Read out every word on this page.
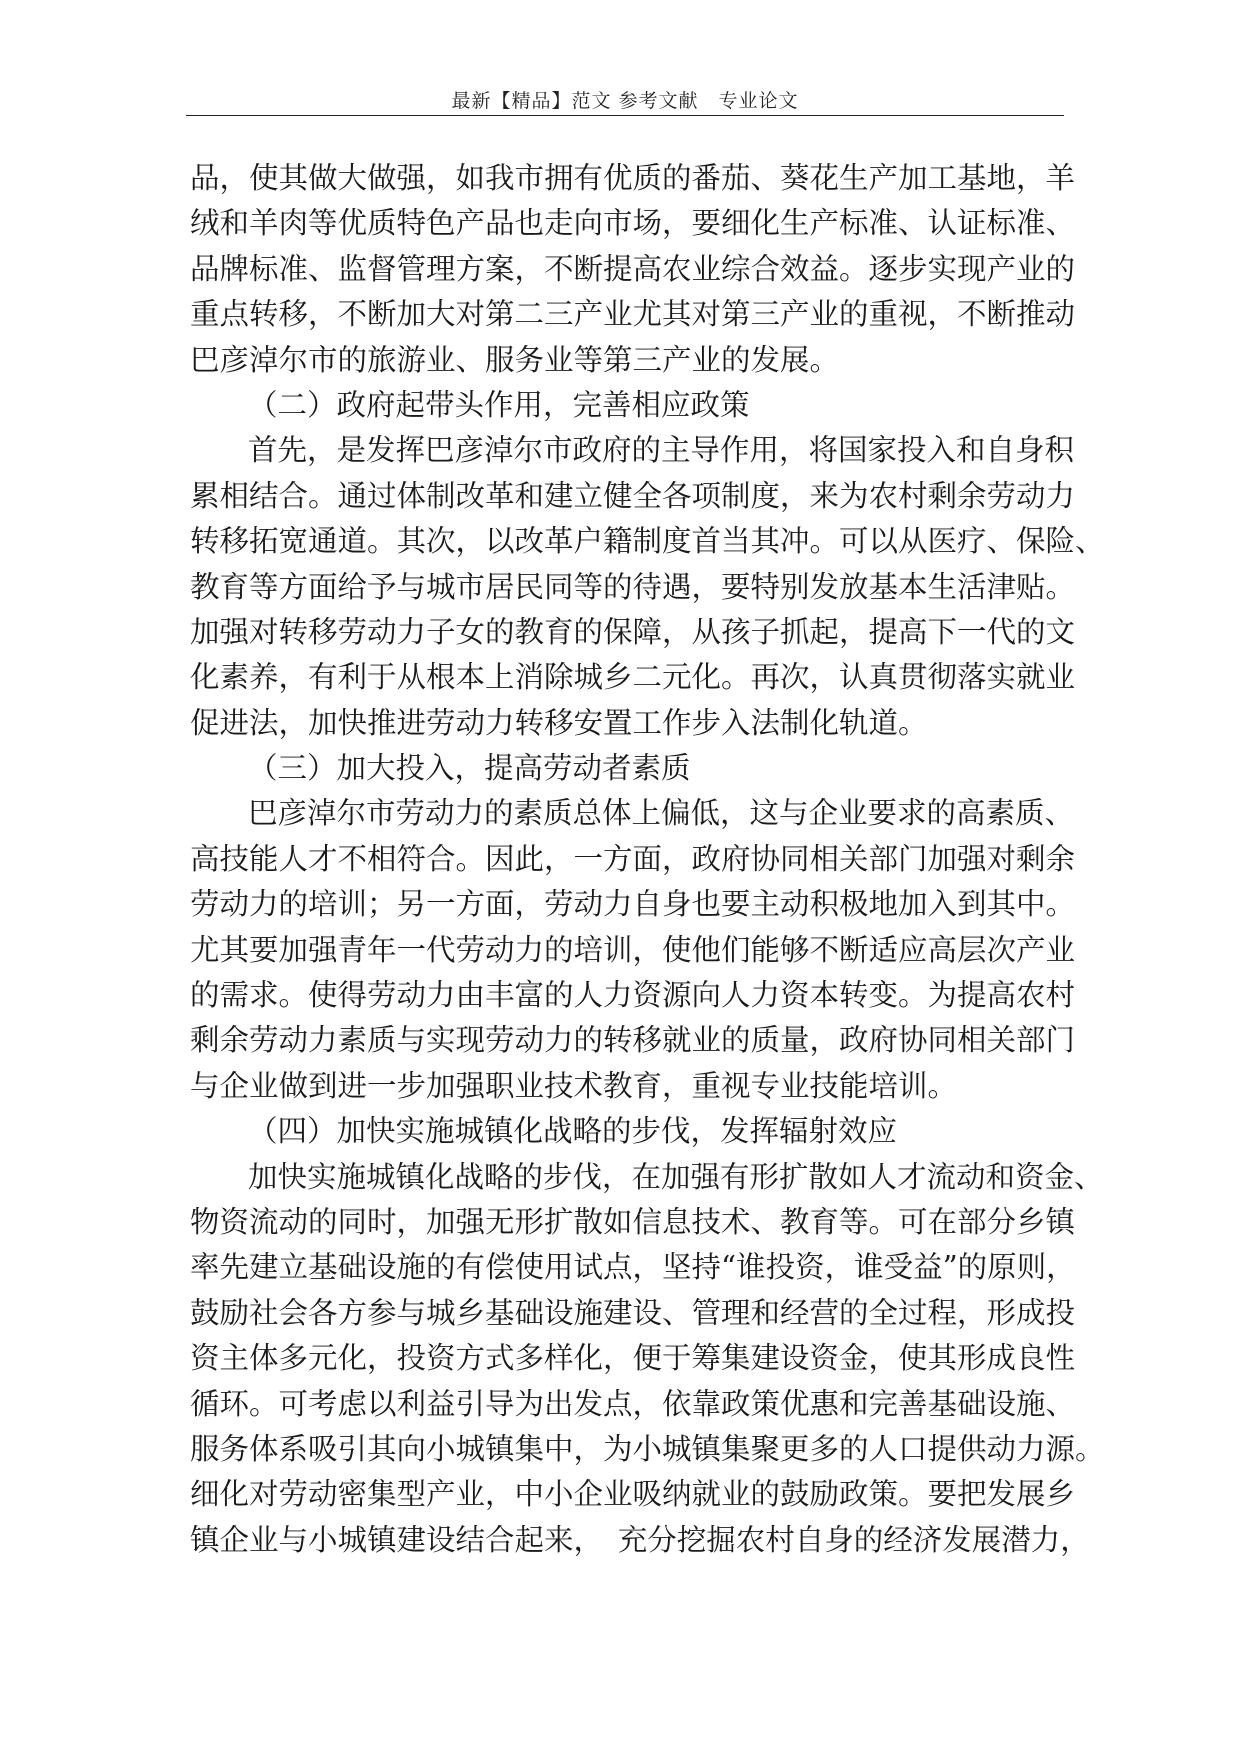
最新【精品】范文 参考文献　专业论文
品，使其做大做强，如我市拥有优质的番茄、葵花生产加工基地，羊
绒和羊肉等优质特色产品也走向市场，要细化生产标准、认证标准、
品牌标准、监督管理方案，不断提高农业综合效益。逐步实现产业的
重点转移，不断加大对第二三产业尤其对第三产业的重视，不断推动
巴彦淖尔市的旅游业、服务业等第三产业的发展。
（二）政府起带头作用，完善相应政策
首先，是发挥巴彦淖尔市政府的主导作用，将国家投入和自身积
累相结合。通过体制改革和建立健全各项制度，来为农村剩余劳动力
转移拓宽通道。其次，以改革户籍制度首当其冲。可以从医疗、保险、
教育等方面给予与城市居民同等的待遇，要特别发放基本生活津贴。
加强对转移劳动力子女的教育的保障，从孩子抓起，提高下一代的文
化素养，有利于从根本上消除城乡二元化。再次，认真贯彻落实就业
促进法，加快推进劳动力转移安置工作步入法制化轨道。
（三）加大投入，提高劳动者素质
巴彦淖尔市劳动力的素质总体上偏低，这与企业要求的高素质、
高技能人才不相符合。因此，一方面，政府协同相关部门加强对剩余
劳动力的培训；另一方面，劳动力自身也要主动积极地加入到其中。
尤其要加强青年一代劳动力的培训，使他们能够不断适应高层次产业
的需求。使得劳动力由丰富的人力资源向人力资本转变。为提高农村
剩余劳动力素质与实现劳动力的转移就业的质量，政府协同相关部门
与企业做到进一步加强职业技术教育，重视专业技能培训。
（四）加快实施城镇化战略的步伐，发挥辐射效应
加快实施城镇化战略的步伐，在加强有形扩散如人才流动和资金、
物资流动的同时，加强无形扩散如信息技术、教育等。可在部分乡镇
率先建立基础设施的有偿使用试点，坚持“谁投资，谁受益”的原则，
鼓励社会各方参与城乡基础设施建设、管理和经营的全过程，形成投
资主体多元化，投资方式多样化，便于筹集建设资金，使其形成良性
循环。可考虑以利益引导为出发点，依靠政策优惠和完善基础设施、
服务体系吸引其向小城镇集中，为小城镇集聚更多的人口提供动力源。
细化对劳动密集型产业，中小企业吸纳就业的鼓励政策。要把发展乡
镇企业与小城镇建设结合起来，　充分挖掘农村自身的经济发展潜力，
